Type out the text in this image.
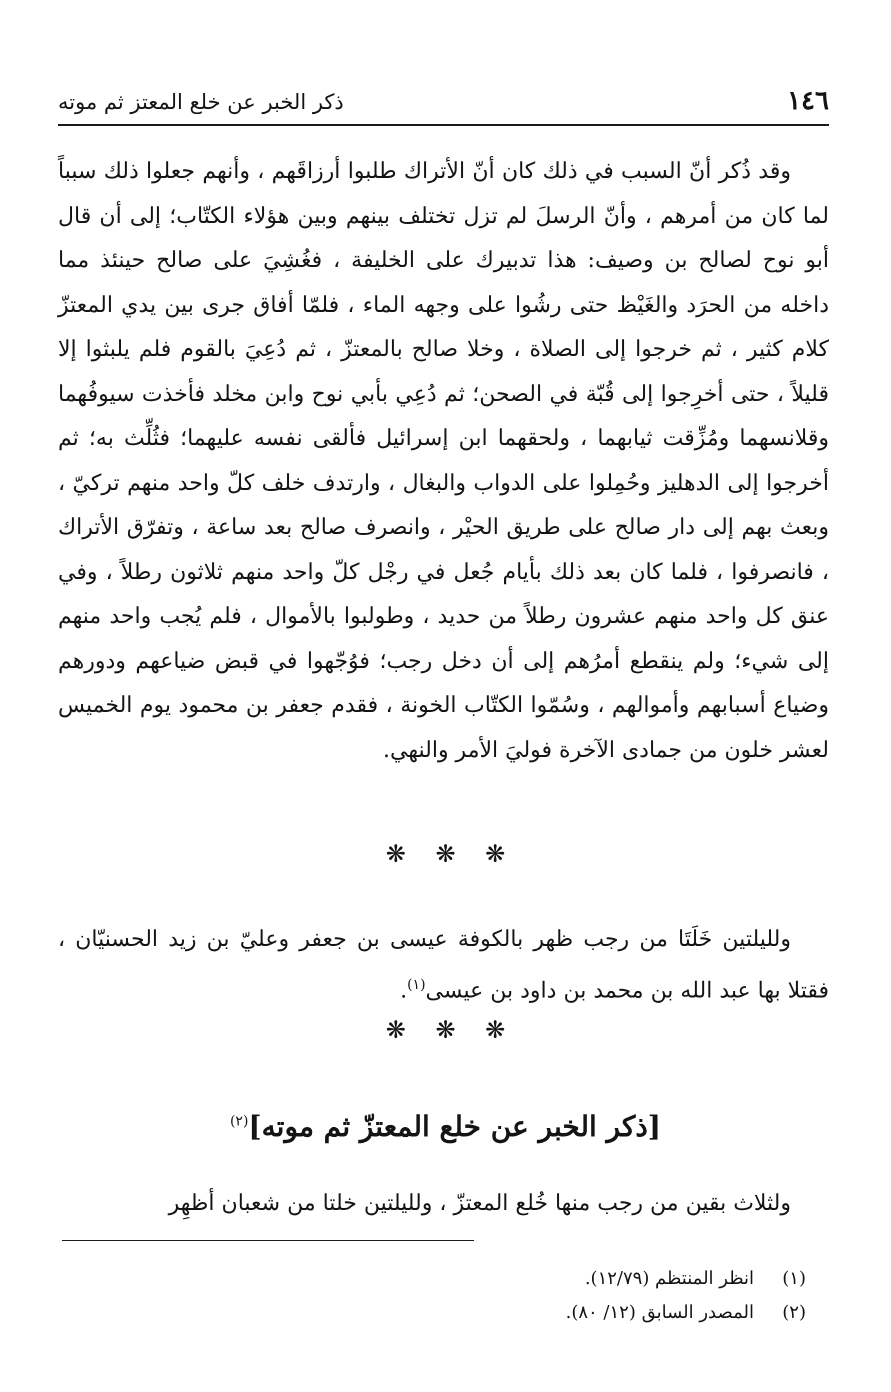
١٤٦
ذكر الخبر عن خلع المعتز ثم موته

وقد ذُكر أنّ السبب في ذلك كان أنّ الأتراك طلبوا أرزاقَهم ، وأنهم جعلوا ذلك سبباً لما كان من أمرهم ، وأنّ الرسلَ لم تزل تختلف بينهم وبين هؤلاء الكتّاب؛ إلى أن قال أبو نوح لصالح بن وصيف: هذا تدبيرك على الخليفة ، فغُشِيَ على صالح حينئذ مما داخله من الحرَد والغَيْظ حتى رشُوا على وجهه الماء ، فلمّا أفاق جرى بين يدي المعتزّ كلام كثير ، ثم خرجوا إلى الصلاة ، وخلا صالح بالمعتزّ ، ثم دُعِيَ بالقوم فلم يلبثوا إلا قليلاً ، حتى أخرِجوا إلى قُبّة في الصحن؛ ثم دُعِي بأبي نوح وابن مخلد فأخذت سيوفُهما وقلانسهما ومُزِّقت ثيابهما ، ولحقهما ابن إسرائيل فألقى نفسه عليهما؛ فثُلِّث به؛ ثم أخرجوا إلى الدهليز وحُمِلوا على الدواب والبغال ، وارتدف خلف كلّ واحد منهم تركيّ ، وبعث بهم إلى دار صالح على طريق الحيْر ، وانصرف صالح بعد ساعة ، وتفرّق الأتراك ، فانصرفوا ، فلما كان بعد ذلك بأيام جُعل في رجْل كلّ واحد منهم ثلاثون رطلاً ، وفي عنق كل واحد منهم عشرون رطلاً من حديد ، وطولبوا بالأموال ، فلم يُجب واحد منهم إلى شيء؛ ولم ينقطع أمرُهم إلى أن دخل رجب؛ فوُجّهوا في قبض ضياعهم ودورهم وضياع أسبابهم وأموالهم ، وسُمّوا الكتّاب الخونة ، فقدم جعفر بن محمود يوم الخميس لعشر خلون من جمادى الآخرة فوليَ الأمر والنهي.

❋ ❋ ❋

ولليلتين خَلَتَا من رجب ظهر بالكوفة عيسى بن جعفر وعليّ بن زيد الحسنيّان ، فقتلا بها عبد الله بن محمد بن داود بن عيسى$^{(١)}$.

❋ ❋ ❋
[ذكر الخبر عن خلع المعتزّ ثم موته]$^{(٢)}$

ولثلاث بقين من رجب منها خُلع المعتزّ ، ولليلتين خلتا من شعبان أظهِر

(١)انظر المنتظم (١٢/٧٩).

(٢)المصدر السابق (١٢/ ٨٠).
